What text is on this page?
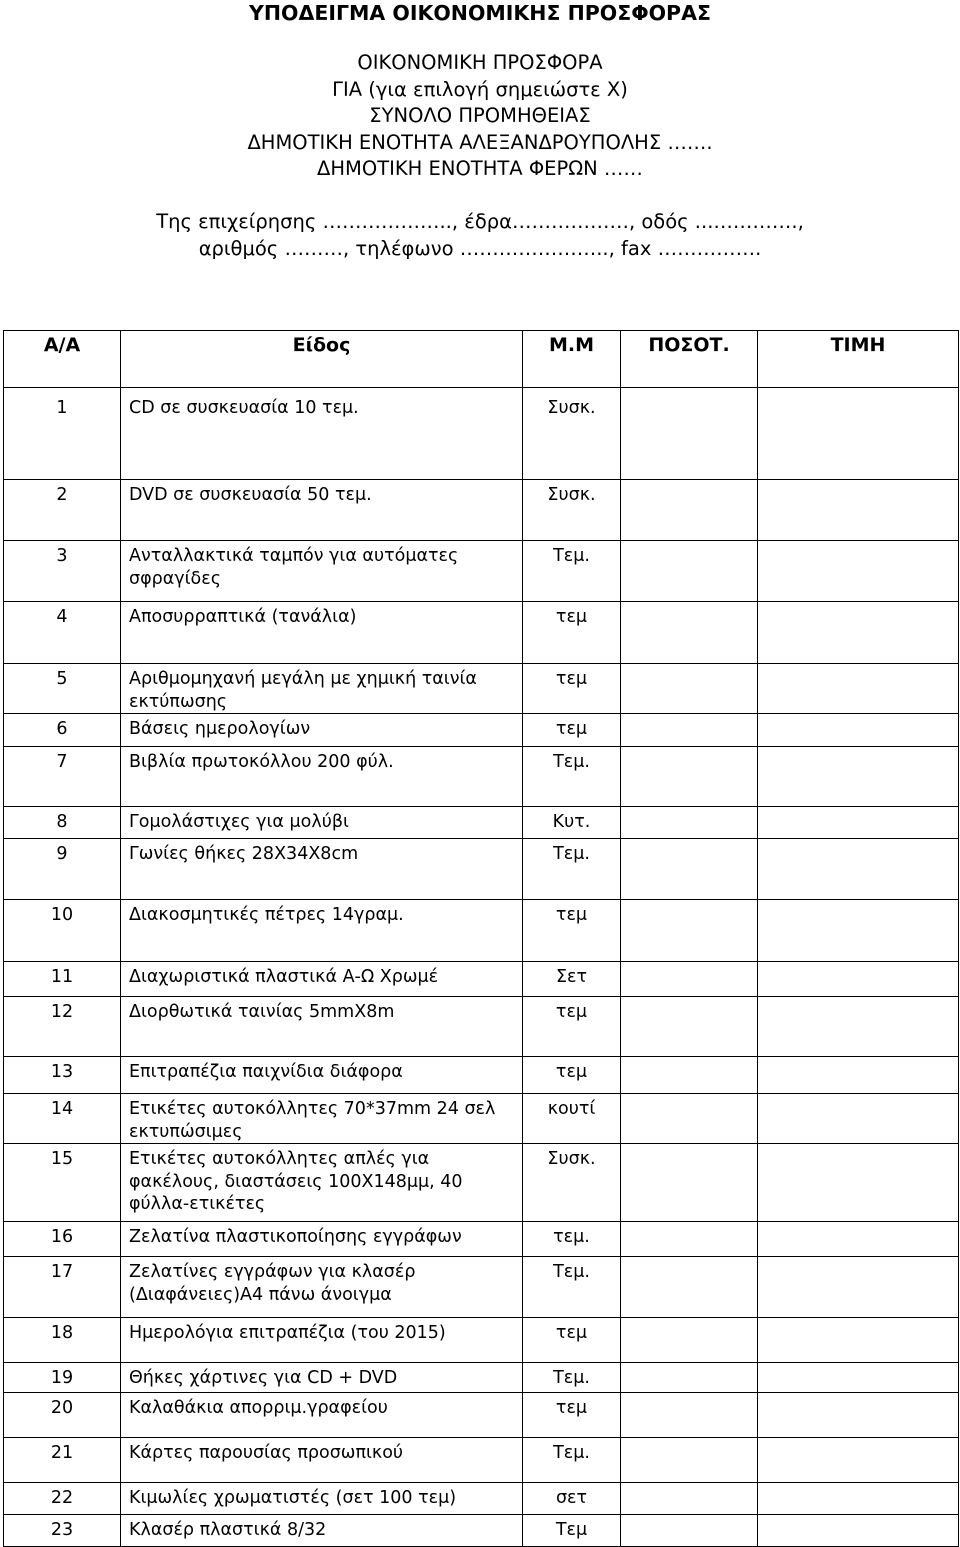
ΥΠΟΔΕΙΓΜΑ ΟΙΚΟΝΟΜΙΚΗΣ ΠΡΟΣΦΟΡΑΣ
ΟΙΚΟΝΟΜΙΚΗ ΠΡΟΣΦΟΡΑ
ΓΙΑ (για επιλογή σημειώστε Χ)
ΣΥΝΟΛΟ ΠΡΟΜΗΘΕΙΑΣ
ΔΗΜΟΤΙΚΗ ΕΝΟΤΗΤΑ ΑΛΕΞΑΝΔΡΟΥΠΟΛΗΣ …….
ΔΗΜΟΤΙΚΗ ΕΝΟΤΗΤΑ ΦΕΡΩΝ ……
Της επιχείρησης ……………….., έδρα………………, οδός ...………….,
αριθμός ………, τηλέφωνο ………………….., fax …………….
Α/Α	Είδος	Μ.Μ	ΠΟΣΟΤ.	ΤΙΜΗ
1	CD σε συσκευασία 10 τεμ.	Συσκ.		
2	DVD σε συσκευασία 50 τεμ.	Συσκ.		
3	Ανταλλακτικά ταμπόν για αυτόματες σφραγίδες	Τεμ.		
4	Αποσυρραπτικά (τανάλια)	τεμ		
5	Αριθμομηχανή μεγάλη με χημική ταινία εκτύπωσης	τεμ		
6	Βάσεις ημερολογίων	τεμ		
7	Βιβλία πρωτοκόλλου 200 φύλ.	Τεμ.		
8	Γομολάστιχες για μολύβι	Κυτ.		
9	Γωνίες θήκες 28Χ34Χ8cm	Τεμ.		
10	Διακοσμητικές πέτρες 14γραμ.	τεμ		
11	Διαχωριστικά πλαστικά Α-Ω Χρωμέ	Σετ		
12	Διορθωτικά ταινίας 5mmX8m	τεμ		
13	Επιτραπέζια παιχνίδια διάφορα	τεμ		
14	Ετικέτες αυτοκόλλητες 70*37mm 24 σελ εκτυπώσιμες	κουτί		
15	Ετικέτες αυτοκόλλητες απλές για φακέλους, διαστάσεις 100Χ148μμ, 40 φύλλα-ετικέτες	Συσκ.		
16	Ζελατίνα πλαστικοποίησης εγγράφων	τεμ.		
17	Ζελατίνες εγγράφων για κλασέρ (Διαφάνειες)Α4 πάνω άνοιγμα	Τεμ.		
18	Ημερολόγια επιτραπέζια (του 2015)	τεμ		
19	Θήκες χάρτινες για CD + DVD	Τεμ.		
20	Καλαθάκια απορριμ.γραφείου	τεμ		
21	Κάρτες παρουσίας προσωπικού	Τεμ.		
22	Κιμωλίες χρωματιστές (σετ 100 τεμ)	σετ		
23	Κλασέρ πλαστικά 8/32	Τεμ		
